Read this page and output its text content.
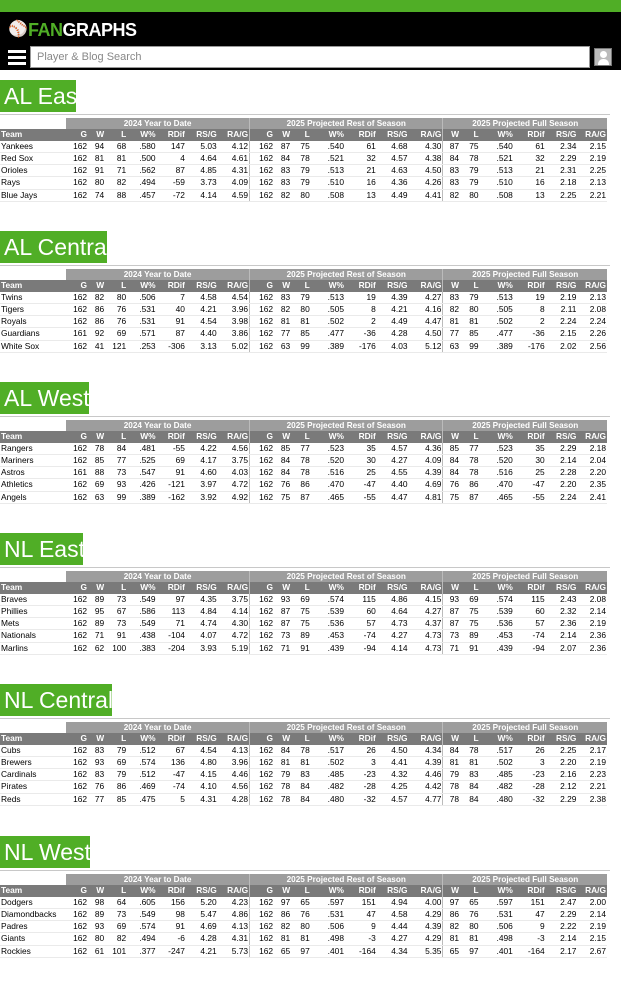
⚾ FAN GRAPHS
Player & Blog Search
AL East
	2024 Year to Date							2025 Projected Rest of Season							2025 Projected Full Season					
Team	G	W	L	W%	RDif	RS/G	RA/G	G	W	L	W%	RDif	RS/G	RA/G	W	L	W%	RDif	RS/G	RA/G
Yankees	162	94	68	.580	147	5.03	4.12	162	87	75	.540	61	4.68	4.30	87	75	.540	61	2.34	2.15
Red Sox	162	81	81	.500	4	4.64	4.61	162	84	78	.521	32	4.57	4.38	84	78	.521	32	2.29	2.19
Orioles	162	91	71	.562	87	4.85	4.31	162	83	79	.513	21	4.63	4.50	83	79	.513	21	2.31	2.25
Rays	162	80	82	.494	-59	3.73	4.09	162	83	79	.510	16	4.36	4.26	83	79	.510	16	2.18	2.13
Blue Jays	162	74	88	.457	-72	4.14	4.59	162	82	80	.508	13	4.49	4.41	82	80	.508	13	2.25	2.21
AL Central
	2024 Year to Date							2025 Projected Rest of Season							2025 Projected Full Season					
Team	G	W	L	W%	RDif	RS/G	RA/G	G	W	L	W%	RDif	RS/G	RA/G	W	L	W%	RDif	RS/G	RA/G
Twins	162	82	80	.506	7	4.58	4.54	162	83	79	.513	19	4.39	4.27	83	79	.513	19	2.19	2.13
Tigers	162	86	76	.531	40	4.21	3.96	162	82	80	.505	8	4.21	4.16	82	80	.505	8	2.11	2.08
Royals	162	86	76	.531	91	4.54	3.98	162	81	81	.502	2	4.49	4.47	81	81	.502	2	2.24	2.24
Guardians	161	92	69	.571	87	4.40	3.86	162	77	85	.477	-36	4.28	4.50	77	85	.477	-36	2.15	2.26
White Sox	162	41	121	.253	-306	3.13	5.02	162	63	99	.389	-176	4.03	5.12	63	99	.389	-176	2.02	2.56
AL West
	2024 Year to Date							2025 Projected Rest of Season							2025 Projected Full Season					
Team	G	W	L	W%	RDif	RS/G	RA/G	G	W	L	W%	RDif	RS/G	RA/G	W	L	W%	RDif	RS/G	RA/G
Rangers	162	78	84	.481	-55	4.22	4.56	162	85	77	.523	35	4.57	4.36	85	77	.523	35	2.29	2.18
Mariners	162	85	77	.525	69	4.17	3.75	162	84	78	.520	30	4.27	4.09	84	78	.520	30	2.14	2.04
Astros	161	88	73	.547	91	4.60	4.03	162	84	78	.516	25	4.55	4.39	84	78	.516	25	2.28	2.20
Athletics	162	69	93	.426	-121	3.97	4.72	162	76	86	.470	-47	4.40	4.69	76	86	.470	-47	2.20	2.35
Angels	162	63	99	.389	-162	3.92	4.92	162	75	87	.465	-55	4.47	4.81	75	87	.465	-55	2.24	2.41
NL East
	2024 Year to Date							2025 Projected Rest of Season							2025 Projected Full Season					
Team	G	W	L	W%	RDif	RS/G	RA/G	G	W	L	W%	RDif	RS/G	RA/G	W	L	W%	RDif	RS/G	RA/G
Braves	162	89	73	.549	97	4.35	3.75	162	93	69	.574	115	4.86	4.15	93	69	.574	115	2.43	2.08
Phillies	162	95	67	.586	113	4.84	4.14	162	87	75	.539	60	4.64	4.27	87	75	.539	60	2.32	2.14
Mets	162	89	73	.549	71	4.74	4.30	162	87	75	.536	57	4.73	4.37	87	75	.536	57	2.36	2.19
Nationals	162	71	91	.438	-104	4.07	4.72	162	73	89	.453	-74	4.27	4.73	73	89	.453	-74	2.14	2.36
Marlins	162	62	100	.383	-204	3.93	5.19	162	71	91	.439	-94	4.14	4.73	71	91	.439	-94	2.07	2.36
NL Central
	2024 Year to Date							2025 Projected Rest of Season							2025 Projected Full Season					
Team	G	W	L	W%	RDif	RS/G	RA/G	G	W	L	W%	RDif	RS/G	RA/G	W	L	W%	RDif	RS/G	RA/G
Cubs	162	83	79	.512	67	4.54	4.13	162	84	78	.517	26	4.50	4.34	84	78	.517	26	2.25	2.17
Brewers	162	93	69	.574	136	4.80	3.96	162	81	81	.502	3	4.41	4.39	81	81	.502	3	2.20	2.19
Cardinals	162	83	79	.512	-47	4.15	4.46	162	79	83	.485	-23	4.32	4.46	79	83	.485	-23	2.16	2.23
Pirates	162	76	86	.469	-74	4.10	4.56	162	78	84	.482	-28	4.25	4.42	78	84	.482	-28	2.12	2.21
Reds	162	77	85	.475	5	4.31	4.28	162	78	84	.480	-32	4.57	4.77	78	84	.480	-32	2.29	2.38
NL West
	2024 Year to Date							2025 Projected Rest of Season							2025 Projected Full Season					
Team	G	W	L	W%	RDif	RS/G	RA/G	G	W	L	W%	RDif	RS/G	RA/G	W	L	W%	RDif	RS/G	RA/G
Dodgers	162	98	64	.605	156	5.20	4.23	162	97	65	.597	151	4.94	4.00	97	65	.597	151	2.47	2.00
Diamondbacks	162	89	73	.549	98	5.47	4.86	162	86	76	.531	47	4.58	4.29	86	76	.531	47	2.29	2.14
Padres	162	93	69	.574	91	4.69	4.13	162	82	80	.506	9	4.44	4.39	82	80	.506	9	2.22	2.19
Giants	162	80	82	.494	-6	4.28	4.31	162	81	81	.498	-3	4.27	4.29	81	81	.498	-3	2.14	2.15
Rockies	162	61	101	.377	-247	4.21	5.73	162	65	97	.401	-164	4.34	5.35	65	97	.401	-164	2.17	2.67
